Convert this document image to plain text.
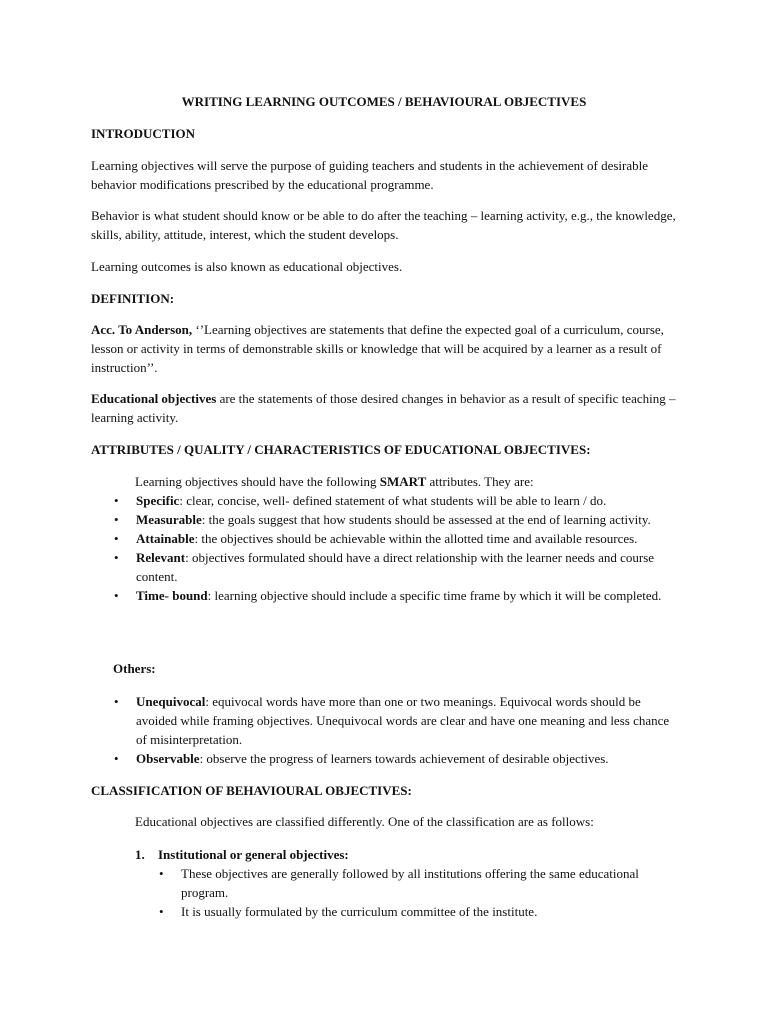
WRITING LEARNING OUTCOMES / BEHAVIOURAL OBJECTIVES

INTRODUCTION

Learning objectives will serve the purpose of guiding teachers and students in the achievement of desirable behavior modifications prescribed by the educational programme.

Behavior is what student should know or be able to do after the teaching – learning activity, e.g., the knowledge, skills, ability, attitude, interest, which the student develops.

Learning outcomes is also known as educational objectives.

DEFINITION:

Acc. To Anderson, ‘’Learning objectives are statements that define the expected goal of a curriculum, course, lesson or activity in terms of demonstrable skills or knowledge that will be acquired by a learner as a result of instruction’’.

Educational objectives are the statements of those desired changes in behavior as a result of specific teaching – learning activity.

ATTRIBUTES / QUALITY / CHARACTERISTICS OF EDUCATIONAL OBJECTIVES:

Learning objectives should have the following SMART attributes. They are:

• Specific: clear, concise, well- defined statement of what students will be able to learn / do.
• Measurable: the goals suggest that how students should be assessed at the end of learning activity.
• Attainable: the objectives should be achievable within the allotted time and available resources.
• Relevant: objectives formulated should have a direct relationship with the learner needs and course content.
• Time- bound: learning objective should include a specific time frame by which it will be completed.

Others:

• Unequivocal: equivocal words have more than one or two meanings. Equivocal words should be avoided while framing objectives. Unequivocal words are clear and have one meaning and less chance of misinterpretation.
• Observable: observe the progress of learners towards achievement of desirable objectives.

CLASSIFICATION OF BEHAVIOURAL OBJECTIVES:

Educational objectives are classified differently. One of the classification are as follows:

1. Institutional or general objectives:

• These objectives are generally followed by all institutions offering the same educational program.
• It is usually formulated by the curriculum committee of the institute.
